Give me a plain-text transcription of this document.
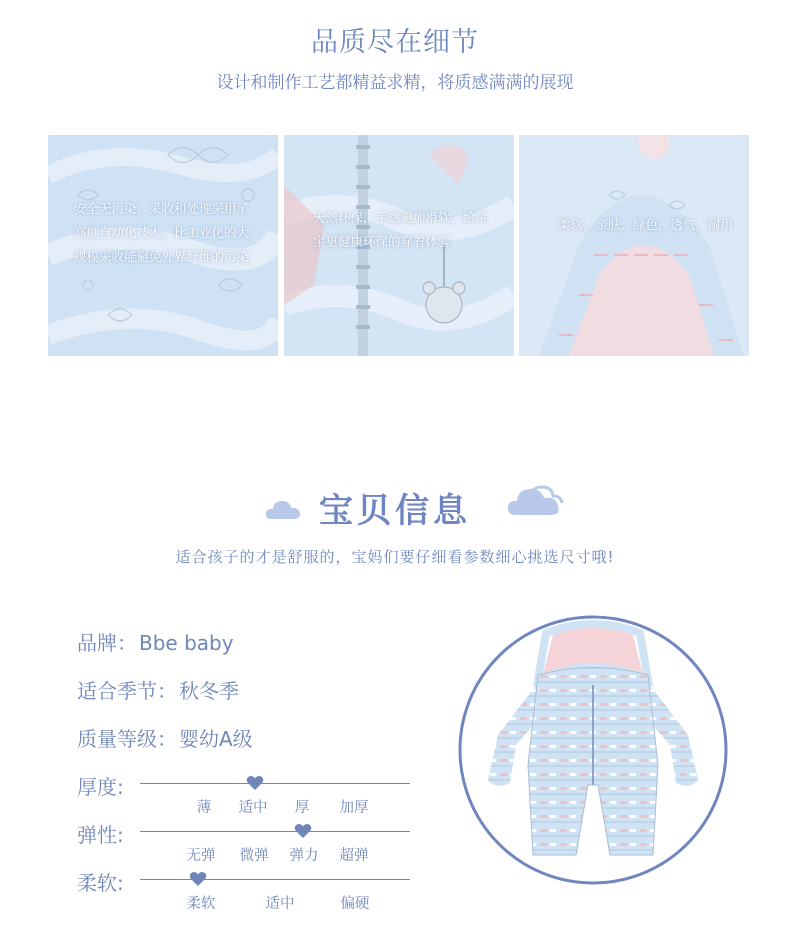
品质尽在细节
设计和制作工艺都精益求精，将质感满满的展现
安全无污染，采收和处理采用了高度自动化技术，比工业化的大规模采收能避免外界纤维的污染
天然环保，手感更加滑软，给宝宝更健康环保的穿着体验
柔软，亲肤，绿色，透气，耐用
宝贝信息
适合孩子的才是舒服的，宝妈们要仔细看参数细心挑选尺寸哦!
品牌： Bbe baby
适合季节： 秋冬季
质量等级： 婴幼A级
厚度:
薄 适中 厚 加厚
弹性:
无弹 微弹 弹力 超弹
柔软:
柔软	适中	偏硬
